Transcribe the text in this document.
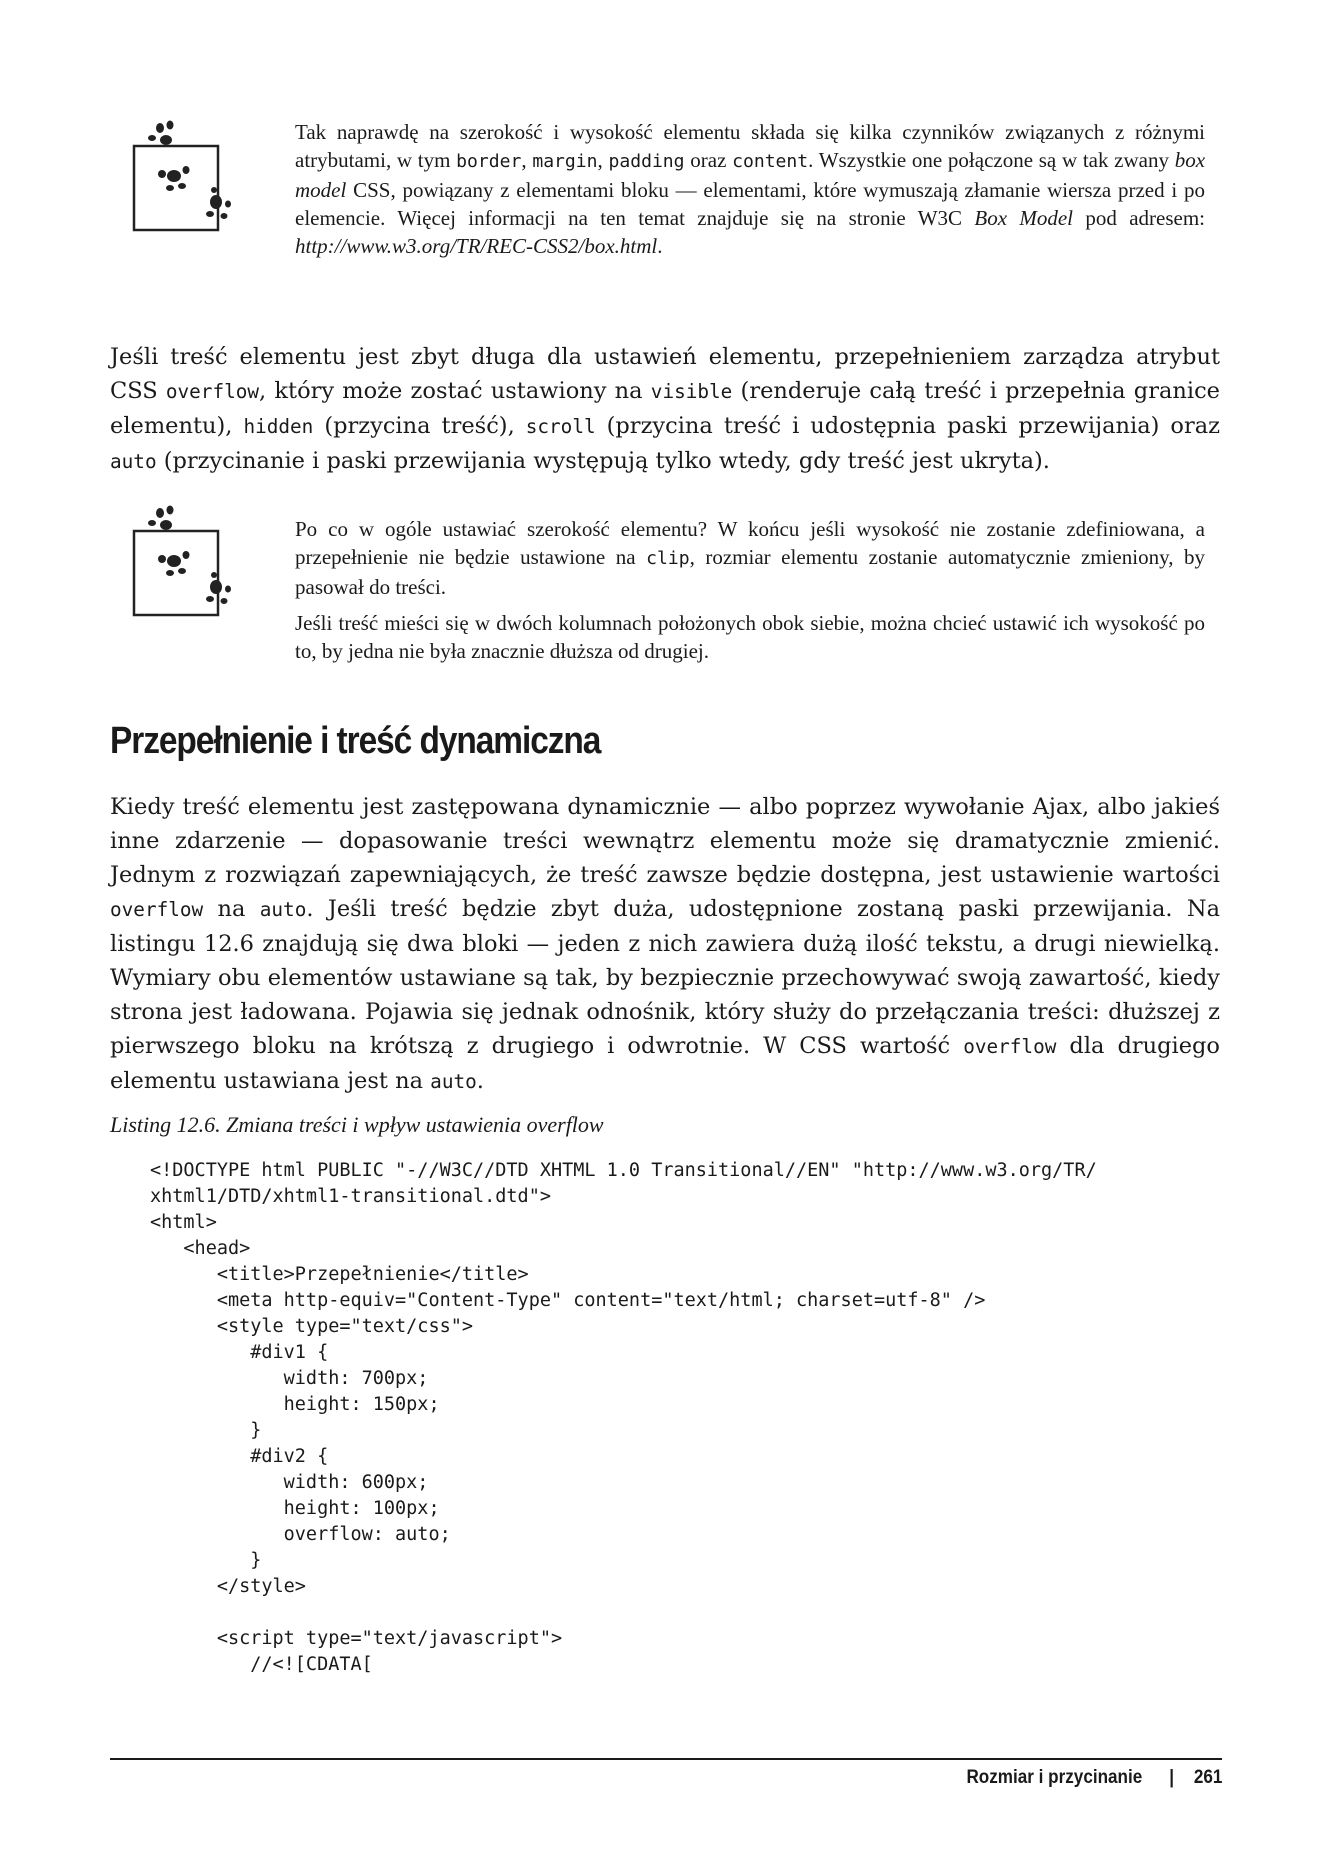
Tak naprawdę na szerokość i wysokość elementu składa się kilka czynników związanych z różnymi atrybutami, w tym border, margin, padding oraz content. Wszystkie one połączone są w tak zwany box model CSS, powiązany z elementami bloku — elementami, które wymuszają złamanie wiersza przed i po elemencie. Więcej informacji na ten temat znajduje się na stronie W3C Box Model pod adresem: http://www.w3.org/TR/REC-CSS2/box.html.

Jeśli treść elementu jest zbyt długa dla ustawień elementu, przepełnieniem zarządza atrybut CSS overflow, który może zostać ustawiony na visible (renderuje całą treść i przepełnia granice elementu), hidden (przycina treść), scroll (przycina treść i udostępnia paski przewijania) oraz auto (przycinanie i paski przewijania występują tylko wtedy, gdy treść jest ukryta).

Po co w ogóle ustawiać szerokość elementu? W końcu jeśli wysokość nie zostanie zdefiniowana, a przepełnienie nie będzie ustawione na clip, rozmiar elementu zostanie automatycznie zmieniony, by pasował do treści.

Jeśli treść mieści się w dwóch kolumnach położonych obok siebie, można chcieć ustawić ich wysokość po to, by jedna nie była znacznie dłuższa od drugiej.

Przepełnienie i treść dynamiczna

Kiedy treść elementu jest zastępowana dynamicznie — albo poprzez wywołanie Ajax, albo jakieś inne zdarzenie — dopasowanie treści wewnątrz elementu może się dramatycznie zmienić. Jednym z rozwiązań zapewniających, że treść zawsze będzie dostępna, jest ustawienie wartości overflow na auto. Jeśli treść będzie zbyt duża, udostępnione zostaną paski przewijania. Na listingu 12.6 znajdują się dwa bloki — jeden z nich zawiera dużą ilość tekstu, a drugi niewielką. Wymiary obu elementów ustawiane są tak, by bezpiecznie przechowywać swoją zawartość, kiedy strona jest ładowana. Pojawia się jednak odnośnik, który służy do przełączania treści: dłuższej z pierwszego bloku na krótszą z drugiego i odwrotnie. W CSS wartość overflow dla drugiego elementu ustawiana jest na auto.

Listing 12.6. Zmiana treści i wpływ ustawienia overflow
<!DOCTYPE html PUBLIC "-//W3C//DTD XHTML 1.0 Transitional//EN" "http://www.w3.org/TR/
xhtml1/DTD/xhtml1-transitional.dtd">
<html>
<head>
<title>Przepełnienie</title>
<meta http-equiv="Content-Type" content="text/html; charset=utf-8" />
<style type="text/css">
#div1 {
width: 700px;
height: 150px;
}
#div2 {
width: 600px;
height: 100px;
overflow: auto;
}
</style>

<script type="text/javascript">
//<![CDATA[

Rozmiar i przycinanie | 261
